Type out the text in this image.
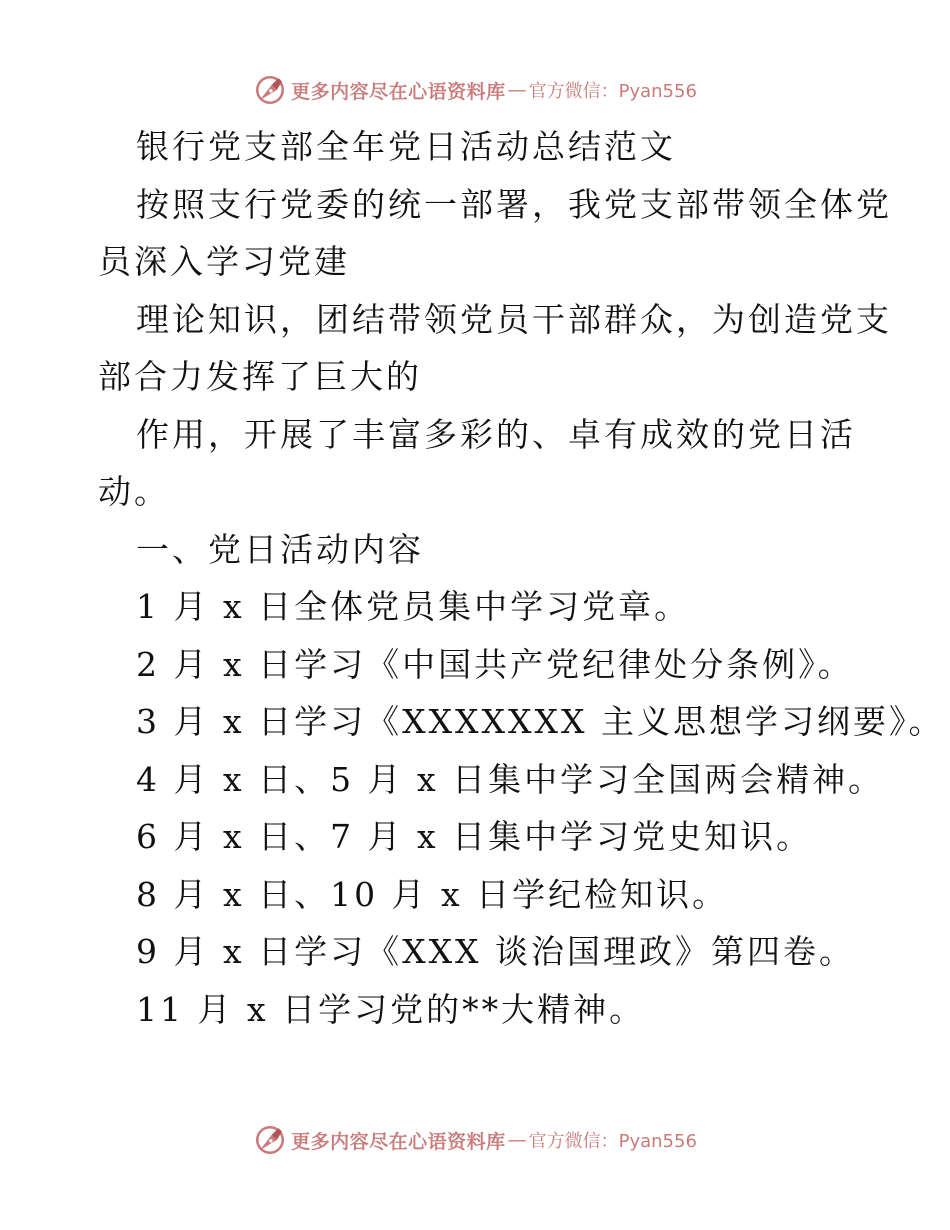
更多内容尽在心语资料库 — 官方微信：Pyan556
银行党支部全年党日活动总结范文
按照支行党委的统一部署，我党支部带领全体党
员深入学习党建
理论知识，团结带领党员干部群众，为创造党支
部合力发挥了巨大的
作用，开展了丰富多彩的、卓有成效的党日活
动。
一、党日活动内容
1 月 x 日全体党员集中学习党章。
2 月 x 日学习《中国共产党纪律处分条例》。
3 月 x 日学习《XXXXXXX 主义思想学习纲要》。
4 月 x 日、5 月 x 日集中学习全国两会精神。
6 月 x 日、7 月 x 日集中学习党史知识。
8 月 x 日、10 月 x 日学纪检知识。
9 月 x 日学习《XXX 谈治国理政》第四卷。
11 月 x 日学习党的**大精神。
更多内容尽在心语资料库 — 官方微信：Pyan556
